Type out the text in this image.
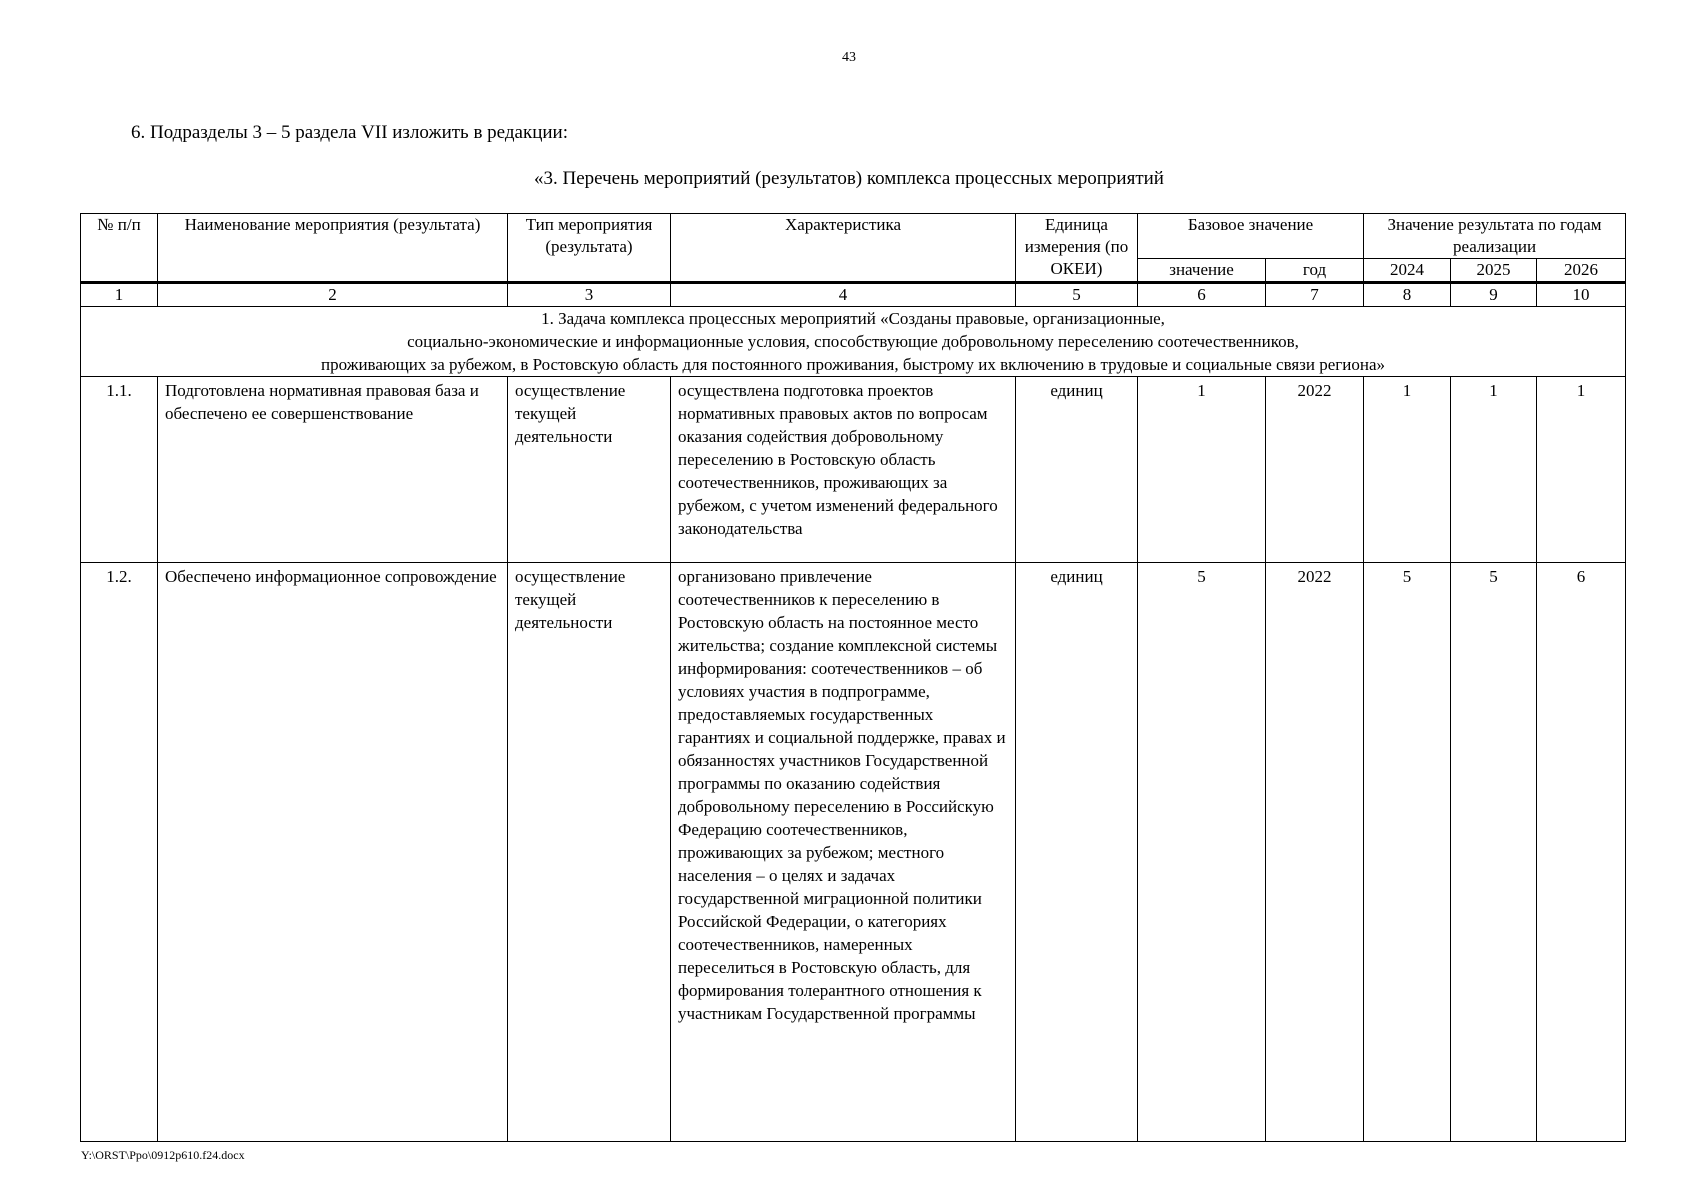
43
6. Подразделы 3 – 5 раздела VII изложить в редакции:
«3. Перечень мероприятий (результатов) комплекса процессных мероприятий
№ п/п	Наименование мероприятия (результата)	Тип мероприятия (результата)	Характеристика	Единица измерения (по ОКЕИ)	Базовое значение		Значение результата по годам реализации		
					значение	год	2024	2025	2026
1	2	3	4	5	6	7	8	9	10

1. Задача комплекса процессных мероприятий «Созданы правовые, организационные,
социально-экономические и информационные условия, способствующие добровольному переселению соотечественников,
проживающих за рубежом, в Ростовскую область для постоянного проживания, быстрому их включению в трудовые и социальные связи региона»									

1.1.	Подготовлена нормативная правовая база и обеспечено ее совершенствование	осуществление текущей деятельности	осуществлена подготовка проектов нормативных правовых актов по вопросам оказания содействия добровольному переселению в Ростовскую область соотечественников, проживающих за рубежом, с учетом изменений федерального законодательства	единиц	1	2022	1	1	1
1.2.	Обеспечено информационное сопровождение	осуществление текущей деятельности	организовано привлечение соотечественников к переселению в Ростовскую область на постоянное место жительства; создание комплексной системы информирования: соотечественников – об условиях участия в подпрограмме, предоставляемых государственных гарантиях и социальной поддержке, правах и обязанностях участников Государственной программы по оказанию содействия добровольному переселению в Российскую Федерацию соотечественников, проживающих за рубежом; местного населения – о целях и задачах государственной миграционной политики Российской Федерации, о категориях соотечественников, намеренных переселиться в Ростовскую область, для формирования толерантного отношения к участникам Государственной программы	единиц	5	2022	5	5	6
Y:\ORST\Ppo\0912p610.f24.docx
